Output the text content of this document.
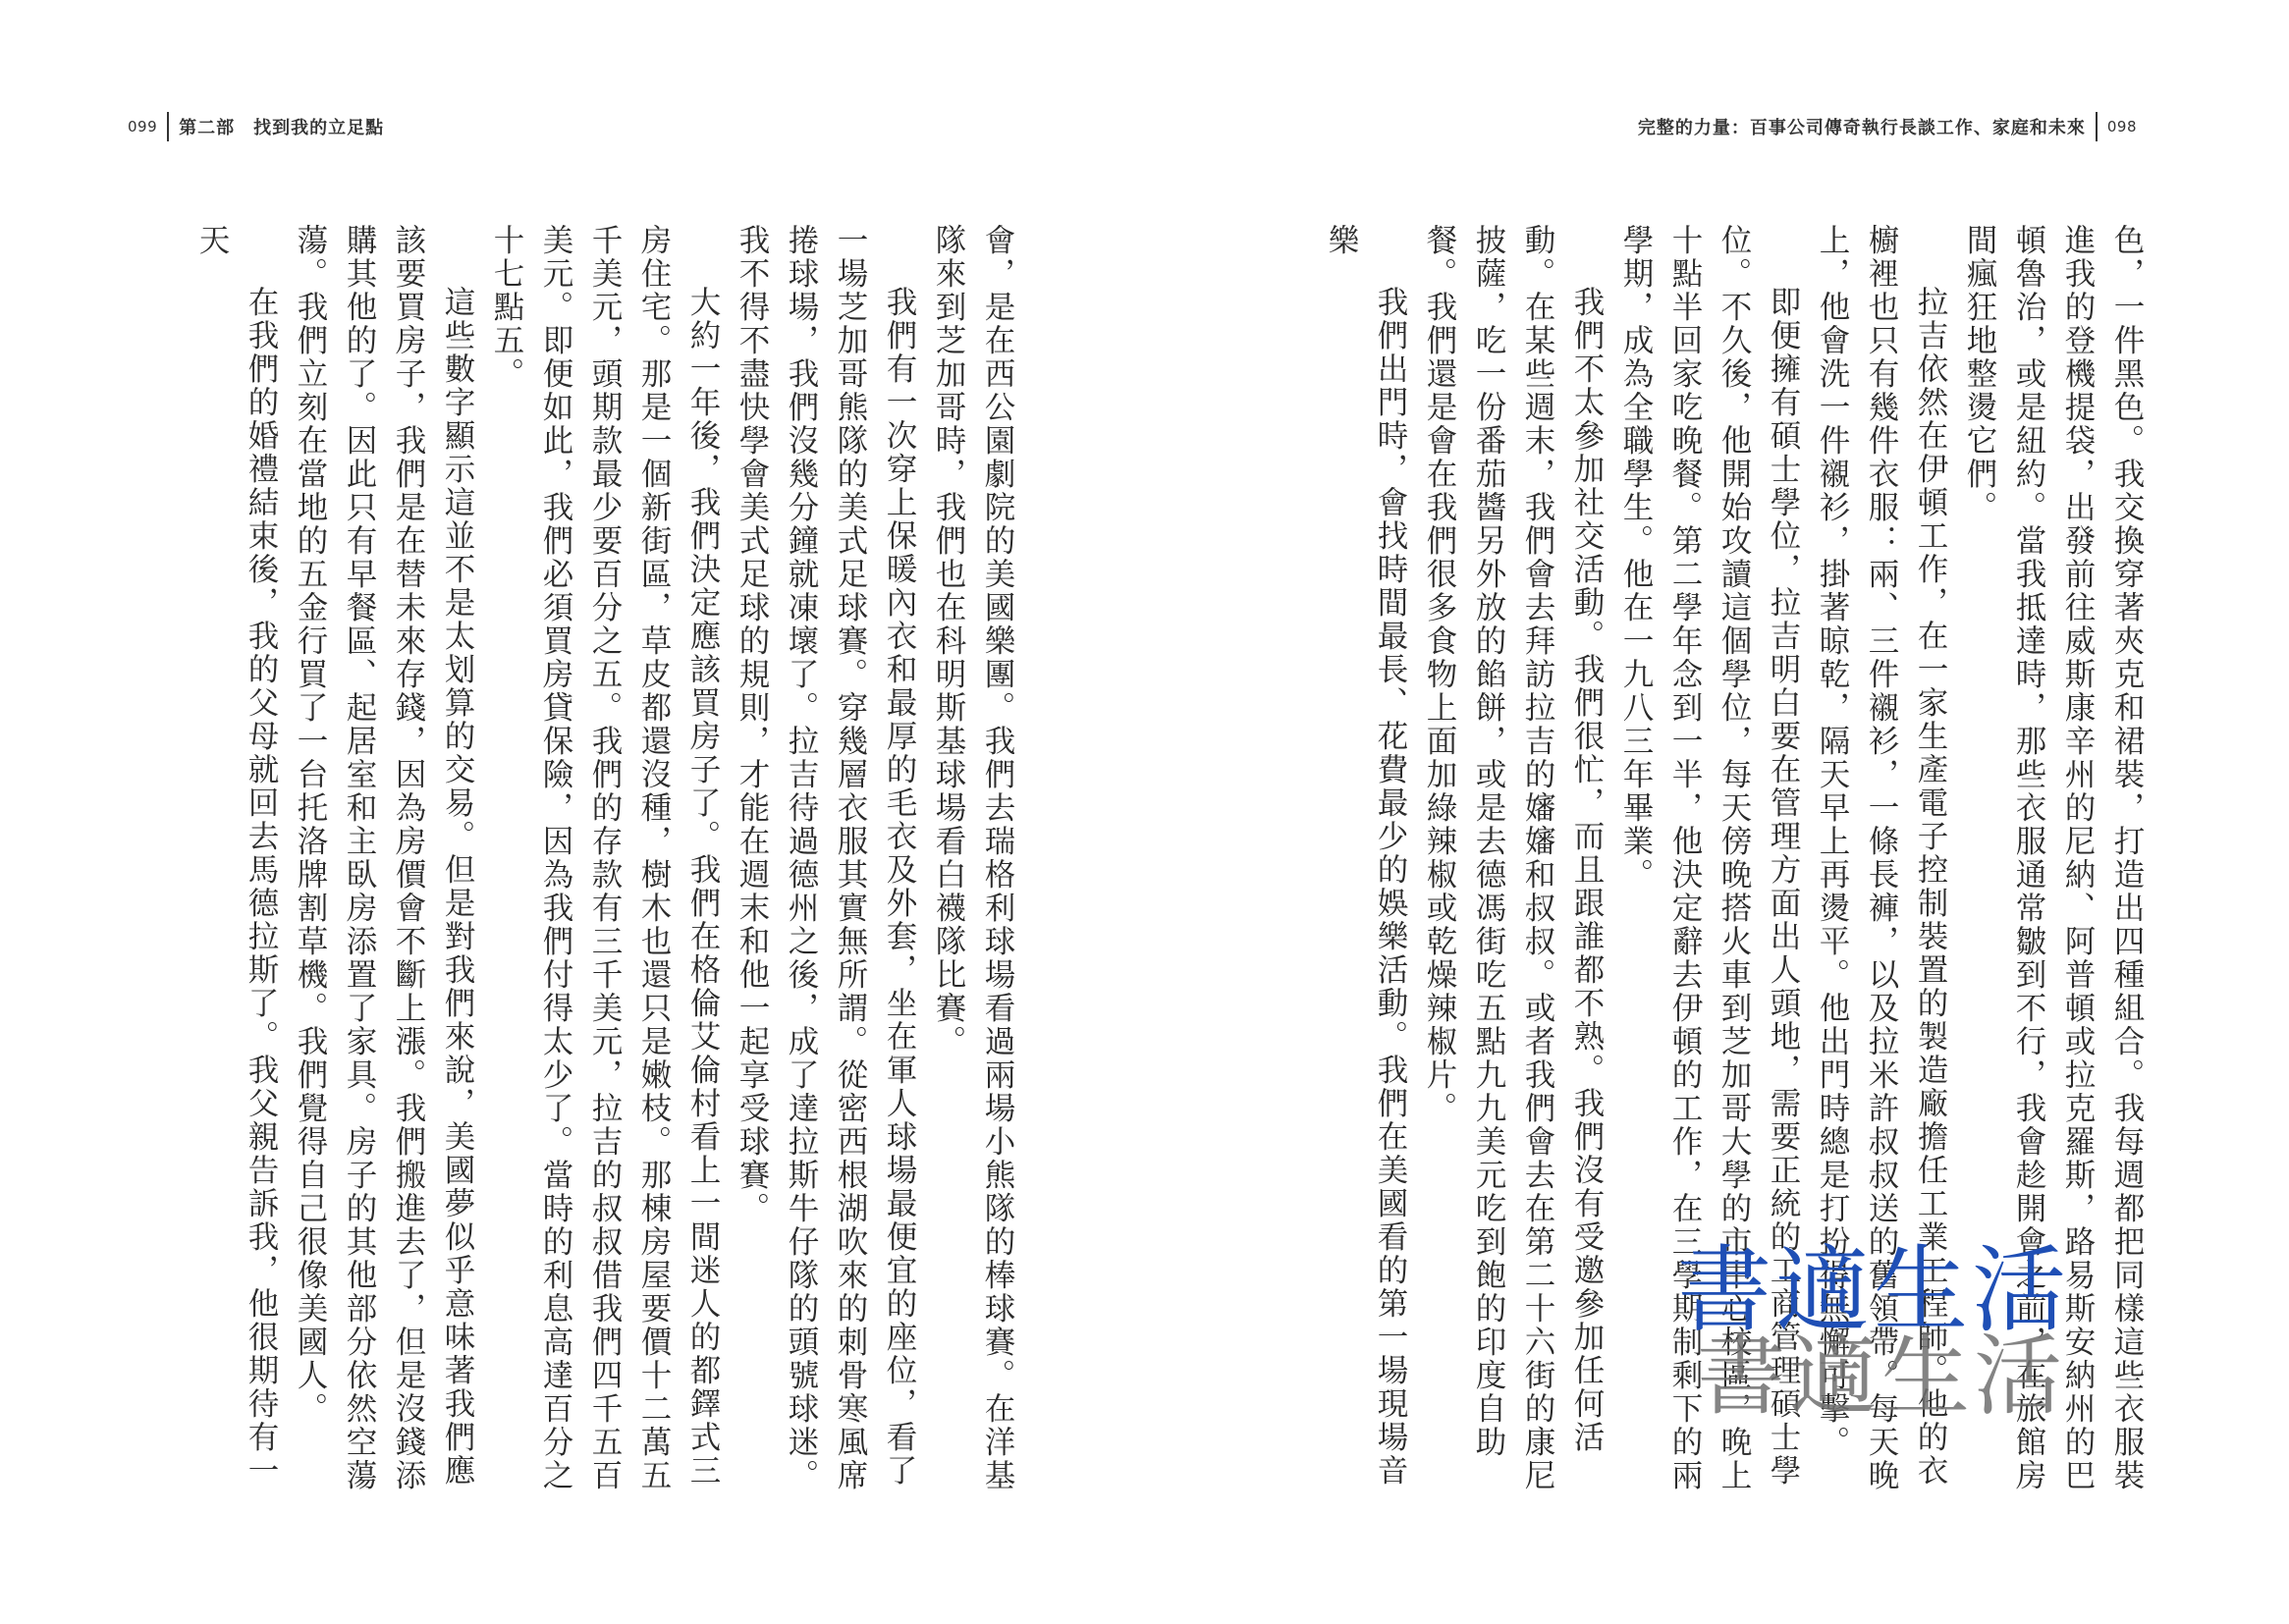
099 第二部　找到我的立足點	完整的力量：百事公司傳奇執行長談工作、家庭和未來 098

色，一件黑色。我交換穿著夾克和裙裝，打造出四種組合。我每週都把同樣這些衣服裝進我的登機提袋，出發前往威斯康辛州的尼納、阿普頓或拉克羅斯，路易斯安納州的巴頓魯治，或是紐約。當我抵達時，那些衣服通常皺到不行，我會趁開會之前，在旅館房間瘋狂地整燙它們。

拉吉依然在伊頓工作，在一家生產電子控制裝置的製造廠擔任工業工程師。他的衣櫥裡也只有幾件衣服：兩、三件襯衫，一條長褲，以及拉米許叔叔送的舊領帶。每天晚上，他會洗一件襯衫，掛著晾乾，隔天早上再燙平。他出門時總是打扮得無懈可擊。

即便擁有碩士學位，拉吉明白要在管理方面出人頭地，需要正統的工商管理碩士學位。不久後，他開始攻讀這個學位，每天傍晚搭火車到芝加哥大學的市中心校區，晚上十點半回家吃晚餐。第二學年念到一半，他決定辭去伊頓的工作，在三學期制剩下的兩學期，成為全職學生。他在一九八三年畢業。

我們不太參加社交活動。我們很忙，而且跟誰都不熟。我們沒有受邀參加任何活動。在某些週末，我們會去拜訪拉吉的嬸嬸和叔叔。或者我們會去在第二十六街的康尼披薩，吃一份番茄醬另外放的餡餅，或是去德馮街吃五點九九美元吃到飽的印度自助餐。我們還是會在我們很多食物上面加綠辣椒或乾燥辣椒片。

我們出門時，會找時間最長、花費最少的娛樂活動。我們在美國看的第一場現場音樂

會，是在西公園劇院的美國樂團。我們去瑞格利球場看過兩場小熊隊的棒球賽。在洋基隊來到芝加哥時，我們也在科明斯基球場看白襪隊比賽。

我們有一次穿上保暖內衣和最厚的毛衣及外套，坐在軍人球場最便宜的座位，看了一場芝加哥熊隊的美式足球賽。穿幾層衣服其實無所謂。從密西根湖吹來的刺骨寒風席捲球場，我們沒幾分鐘就凍壞了。拉吉待過德州之後，成了達拉斯牛仔隊的頭號球迷。我不得不盡快學會美式足球的規則，才能在週末和他一起享受球賽。

大約一年後，我們決定應該買房子了。我們在格倫艾倫村看上一間迷人的都鐸式三房住宅。那是一個新街區，草皮都還沒種，樹木也還只是嫩枝。那棟房屋要價十二萬五千美元，頭期款最少要百分之五。我們的存款有三千美元，拉吉的叔叔借我們四千五百美元。即便如此，我們必須買房貸保險，因為我們付得太少了。當時的利息高達百分之十七點五。

這些數字顯示這並不是太划算的交易。但是對我們來說，美國夢似乎意味著我們應該要買房子，我們是在替未來存錢，因為房價會不斷上漲。我們搬進去了，但是沒錢添購其他的了。因此只有早餐區、起居室和主臥房添置了家具。房子的其他部分依然空蕩蕩。我們立刻在當地的五金行買了一台托洛牌割草機。我們覺得自己很像美國人。

在我們的婚禮結束後，我的父母就回去馬德拉斯了。我父親告訴我，他很期待有一天

書適生活
書適生活
